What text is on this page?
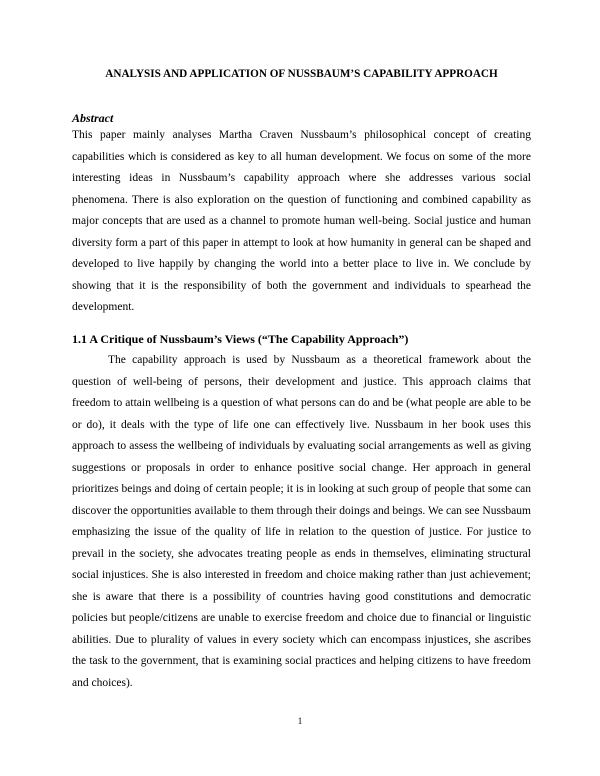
ANALYSIS AND APPLICATION OF NUSSBAUM’S CAPABILITY APPROACH
Abstract

This paper mainly analyses Martha Craven Nussbaum’s philosophical concept of creating capabilities which is considered as key to all human development. We focus on some of the more interesting ideas in Nussbaum’s capability approach where she addresses various social phenomena. There is also exploration on the question of functioning and combined capability as major concepts that are used as a channel to promote human well-being. Social justice and human diversity form a part of this paper in attempt to look at how humanity in general can be shaped and developed to live happily by changing the world into a better place to live in. We conclude by showing that it is the responsibility of both the government and individuals to spearhead the development.

1.1 A Critique of Nussbaum’s Views (“The Capability Approach”)

The capability approach is used by Nussbaum as a theoretical framework about the question of well-being of persons, their development and justice. This approach claims that freedom to attain wellbeing is a question of what persons can do and be (what people are able to be or do), it deals with the type of life one can effectively live. Nussbaum in her book uses this approach to assess the wellbeing of individuals by evaluating social arrangements as well as giving suggestions or proposals in order to enhance positive social change. Her approach in general prioritizes beings and doing of certain people; it is in looking at such group of people that some can discover the opportunities available to them through their doings and beings. We can see Nussbaum emphasizing the issue of the quality of life in relation to the question of justice. For justice to prevail in the society, she advocates treating people as ends in themselves, eliminating structural social injustices. She is also interested in freedom and choice making rather than just achievement; she is aware that there is a possibility of countries having good constitutions and democratic policies but people/citizens are unable to exercise freedom and choice due to financial or linguistic abilities. Due to plurality of values in every society which can encompass injustices, she ascribes the task to the government, that is examining social practices and helping citizens to have freedom and choices).

1
